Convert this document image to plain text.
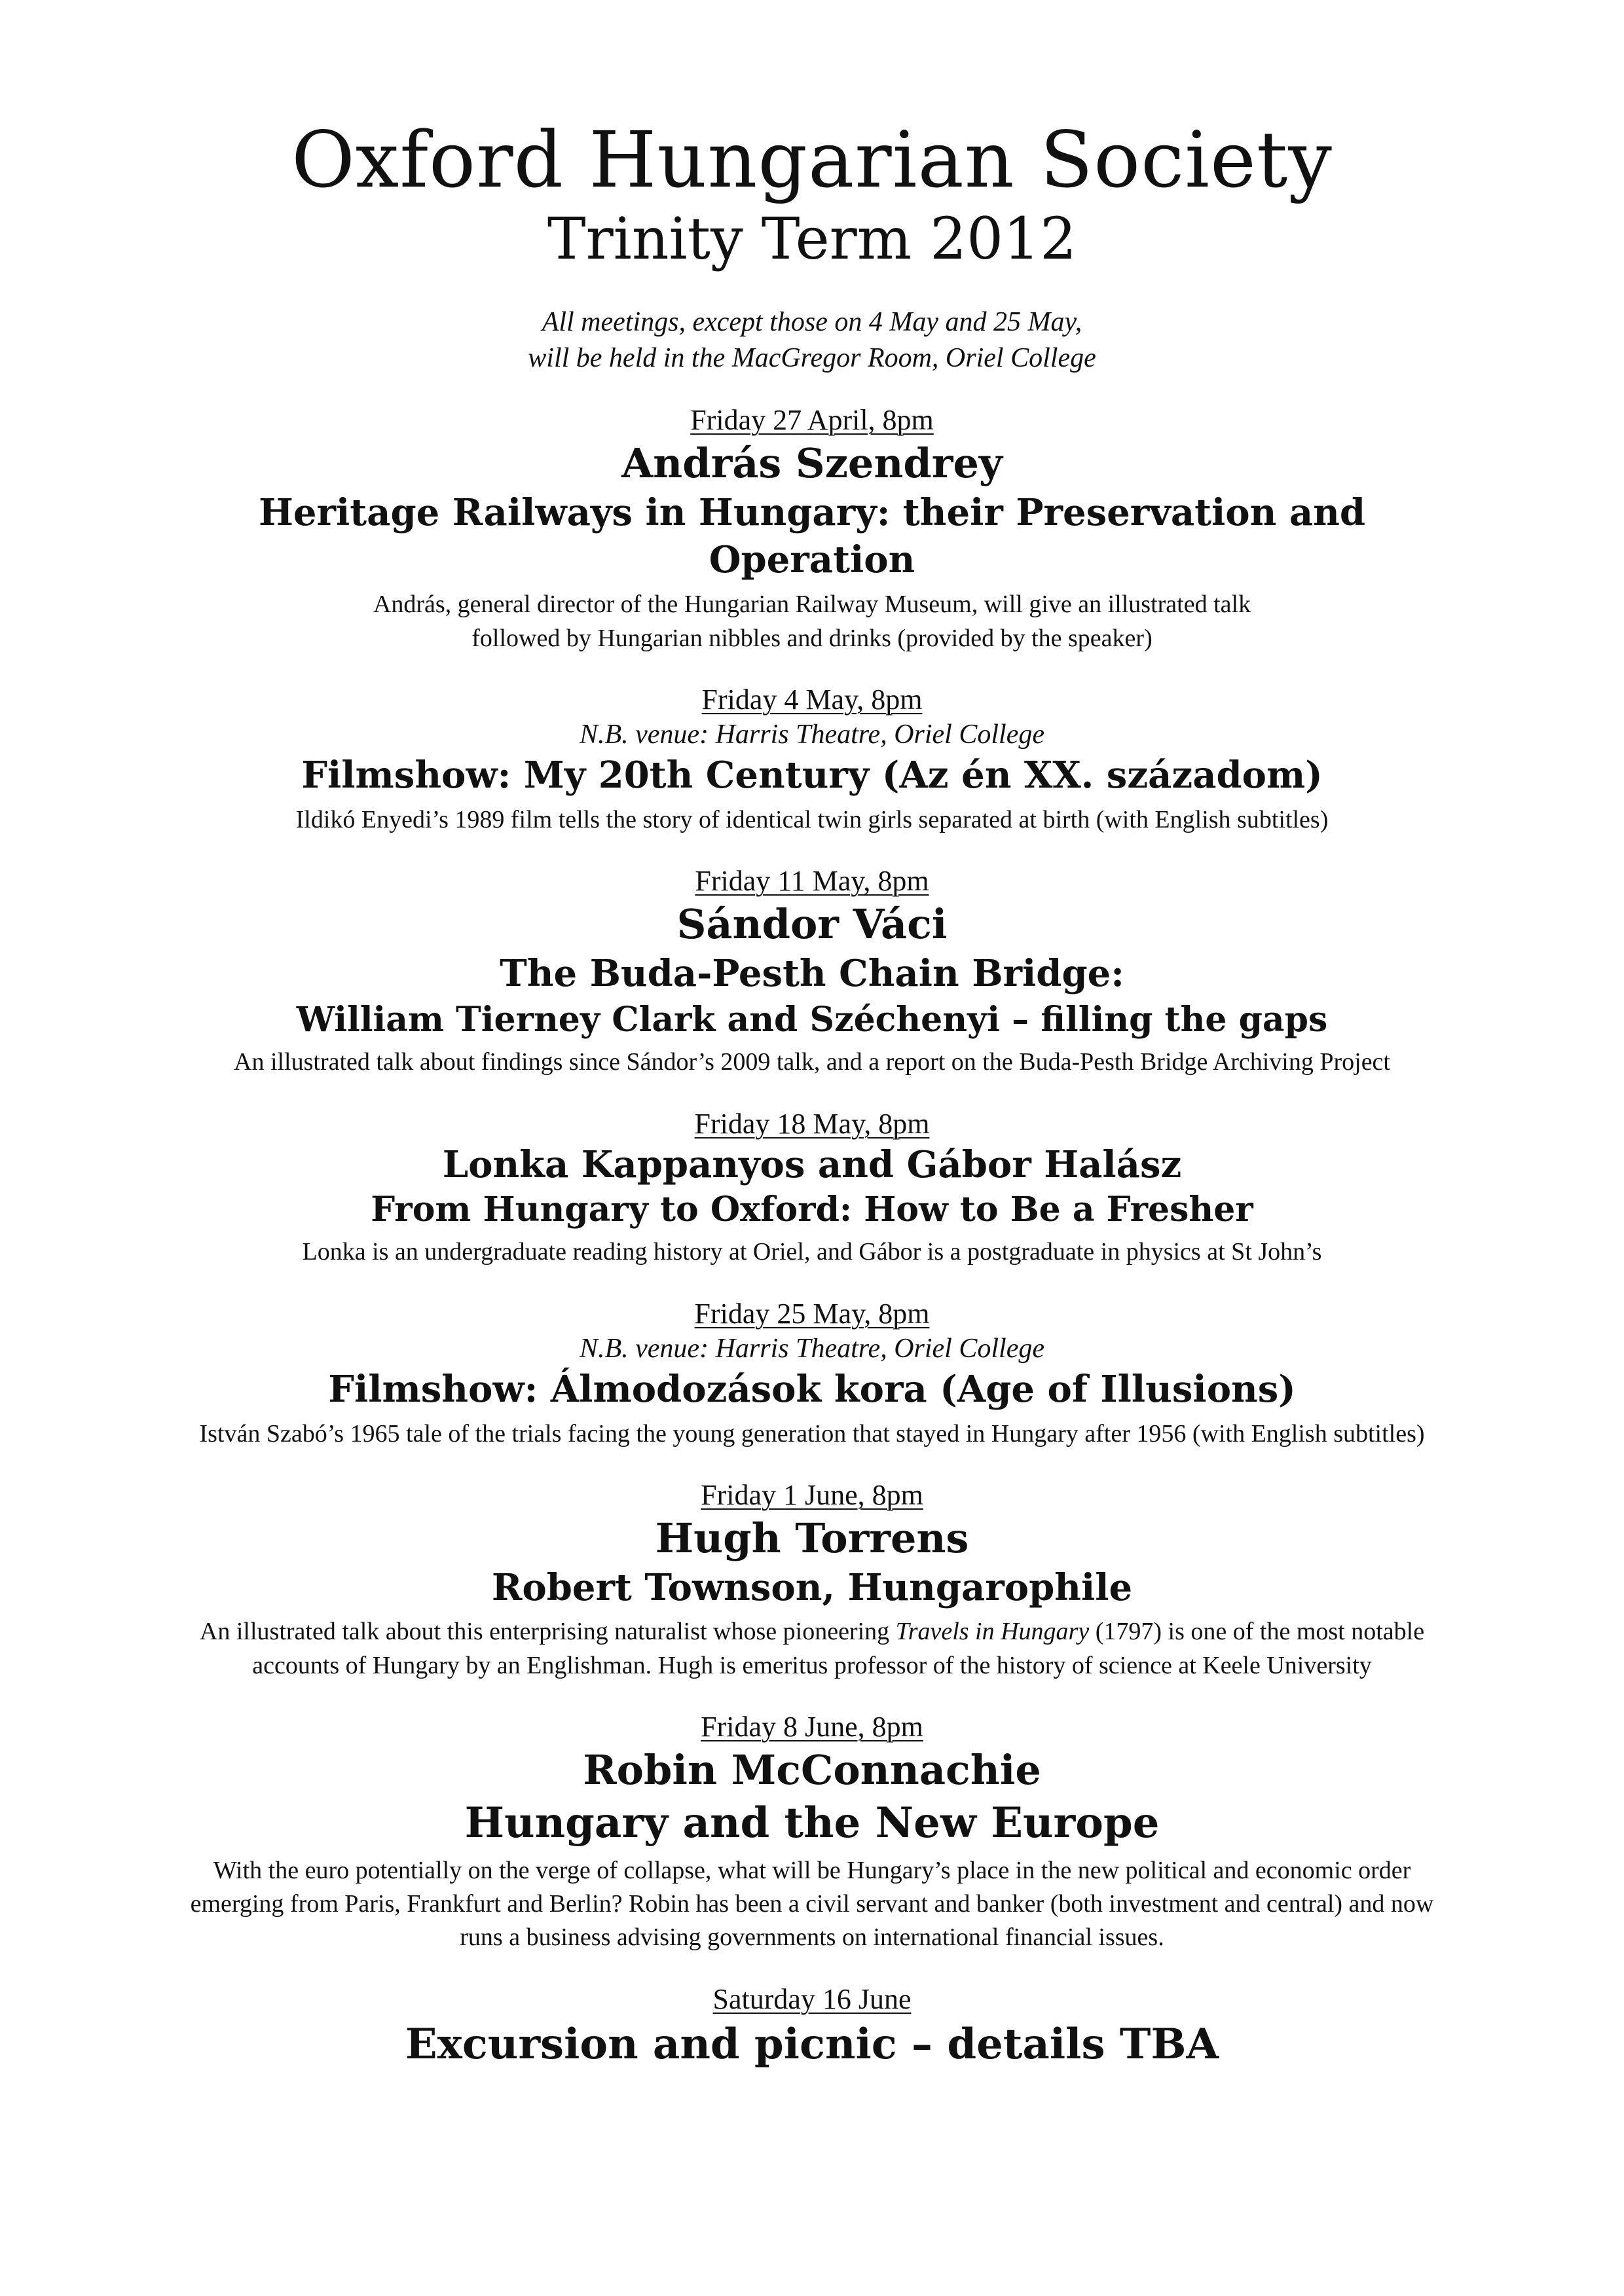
Oxford Hungarian Society
Trinity Term 2012
All meetings, except those on 4 May and 25 May,
will be held in the MacGregor Room, Oriel College
Friday 27 April, 8pm
András Szendrey
Heritage Railways in Hungary: their Preservation and Operation
András, general director of the Hungarian Railway Museum, will give an illustrated talk
followed by Hungarian nibbles and drinks (provided by the speaker)
Friday 4 May, 8pm
N.B. venue: Harris Theatre, Oriel College
Filmshow: My 20th Century (Az én XX. századom)
Ildikó Enyedi’s 1989 film tells the story of identical twin girls separated at birth (with English subtitles)
Friday 11 May, 8pm
Sándor Váci
The Buda-Pesth Chain Bridge:
William Tierney Clark and Széchenyi – filling the gaps
An illustrated talk about findings since Sándor’s 2009 talk, and a report on the Buda-Pesth Bridge Archiving Project
Friday 18 May, 8pm
Lonka Kappanyos and Gábor Halász
From Hungary to Oxford: How to Be a Fresher
Lonka is an undergraduate reading history at Oriel, and Gábor is a postgraduate in physics at St John’s
Friday 25 May, 8pm
N.B. venue: Harris Theatre, Oriel College
Filmshow: Álmodozások kora (Age of Illusions)
István Szabó’s 1965 tale of the trials facing the young generation that stayed in Hungary after 1956 (with English subtitles)
Friday 1 June, 8pm
Hugh Torrens
Robert Townson, Hungarophile
An illustrated talk about this enterprising naturalist whose pioneering Travels in Hungary (1797) is one of the most notable
accounts of Hungary by an Englishman. Hugh is emeritus professor of the history of science at Keele University
Friday 8 June, 8pm
Robin McConnachie
Hungary and the New Europe
With the euro potentially on the verge of collapse, what will be Hungary’s place in the new political and economic order
emerging from Paris, Frankfurt and Berlin? Robin has been a civil servant and banker (both investment and central) and now
runs a business advising governments on international financial issues.
Saturday 16 June
Excursion and picnic – details TBA
